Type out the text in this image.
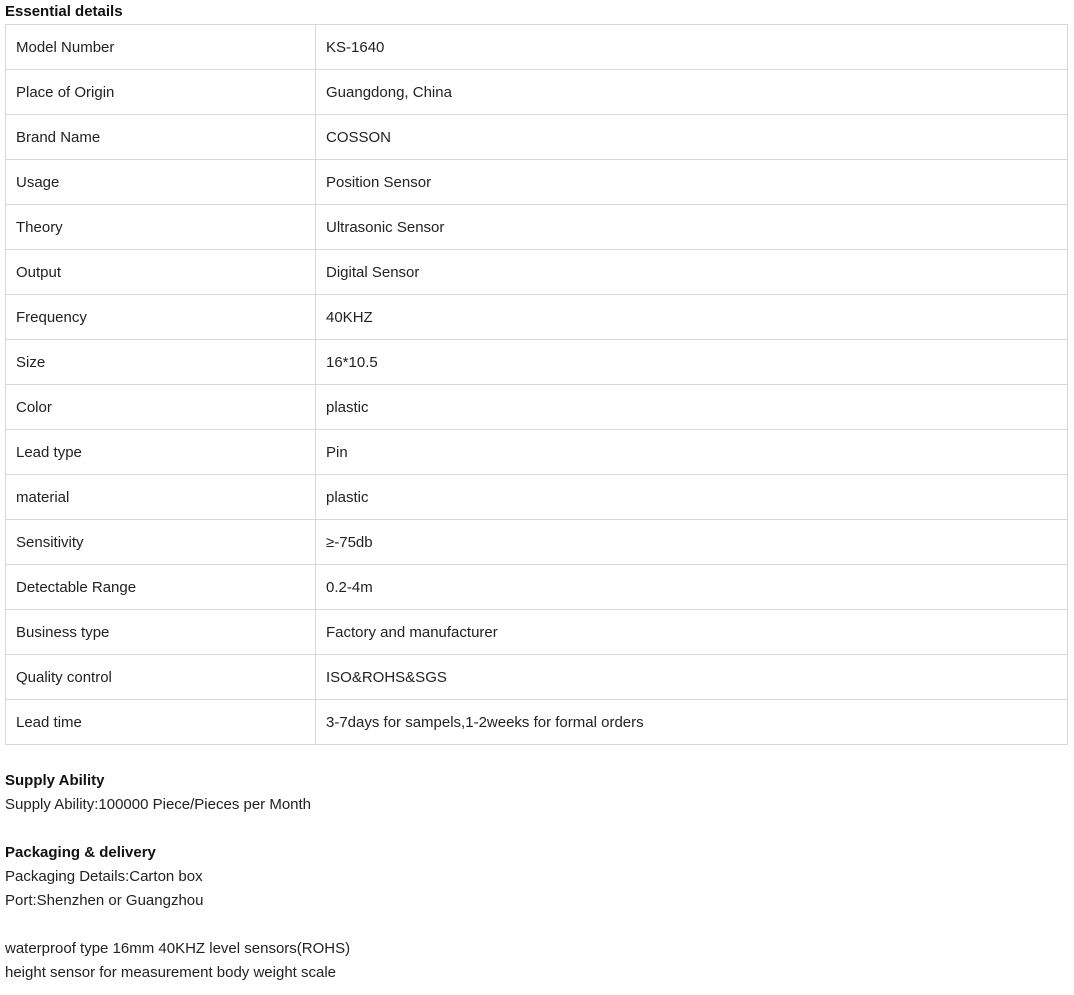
Essential details
Model Number	KS-1640
Place of Origin	Guangdong, China
Brand Name	COSSON
Usage	Position Sensor
Theory	Ultrasonic Sensor
Output	Digital Sensor
Frequency	40KHZ
Size	16*10.5
Color	plastic
Lead type	Pin
material	plastic
Sensitivity	≥-75db
Detectable Range	0.2-4m
Business type	Factory and manufacturer
Quality control	ISO&ROHS&SGS
Lead time	3-7days for sampels,1-2weeks for formal orders
Supply Ability
Supply Ability:100000 Piece/Pieces per Month
Packaging & delivery
Packaging Details:Carton box
Port:Shenzhen or Guangzhou
waterproof type 16mm 40KHZ level sensors(ROHS)
height sensor for measurement body weight scale
